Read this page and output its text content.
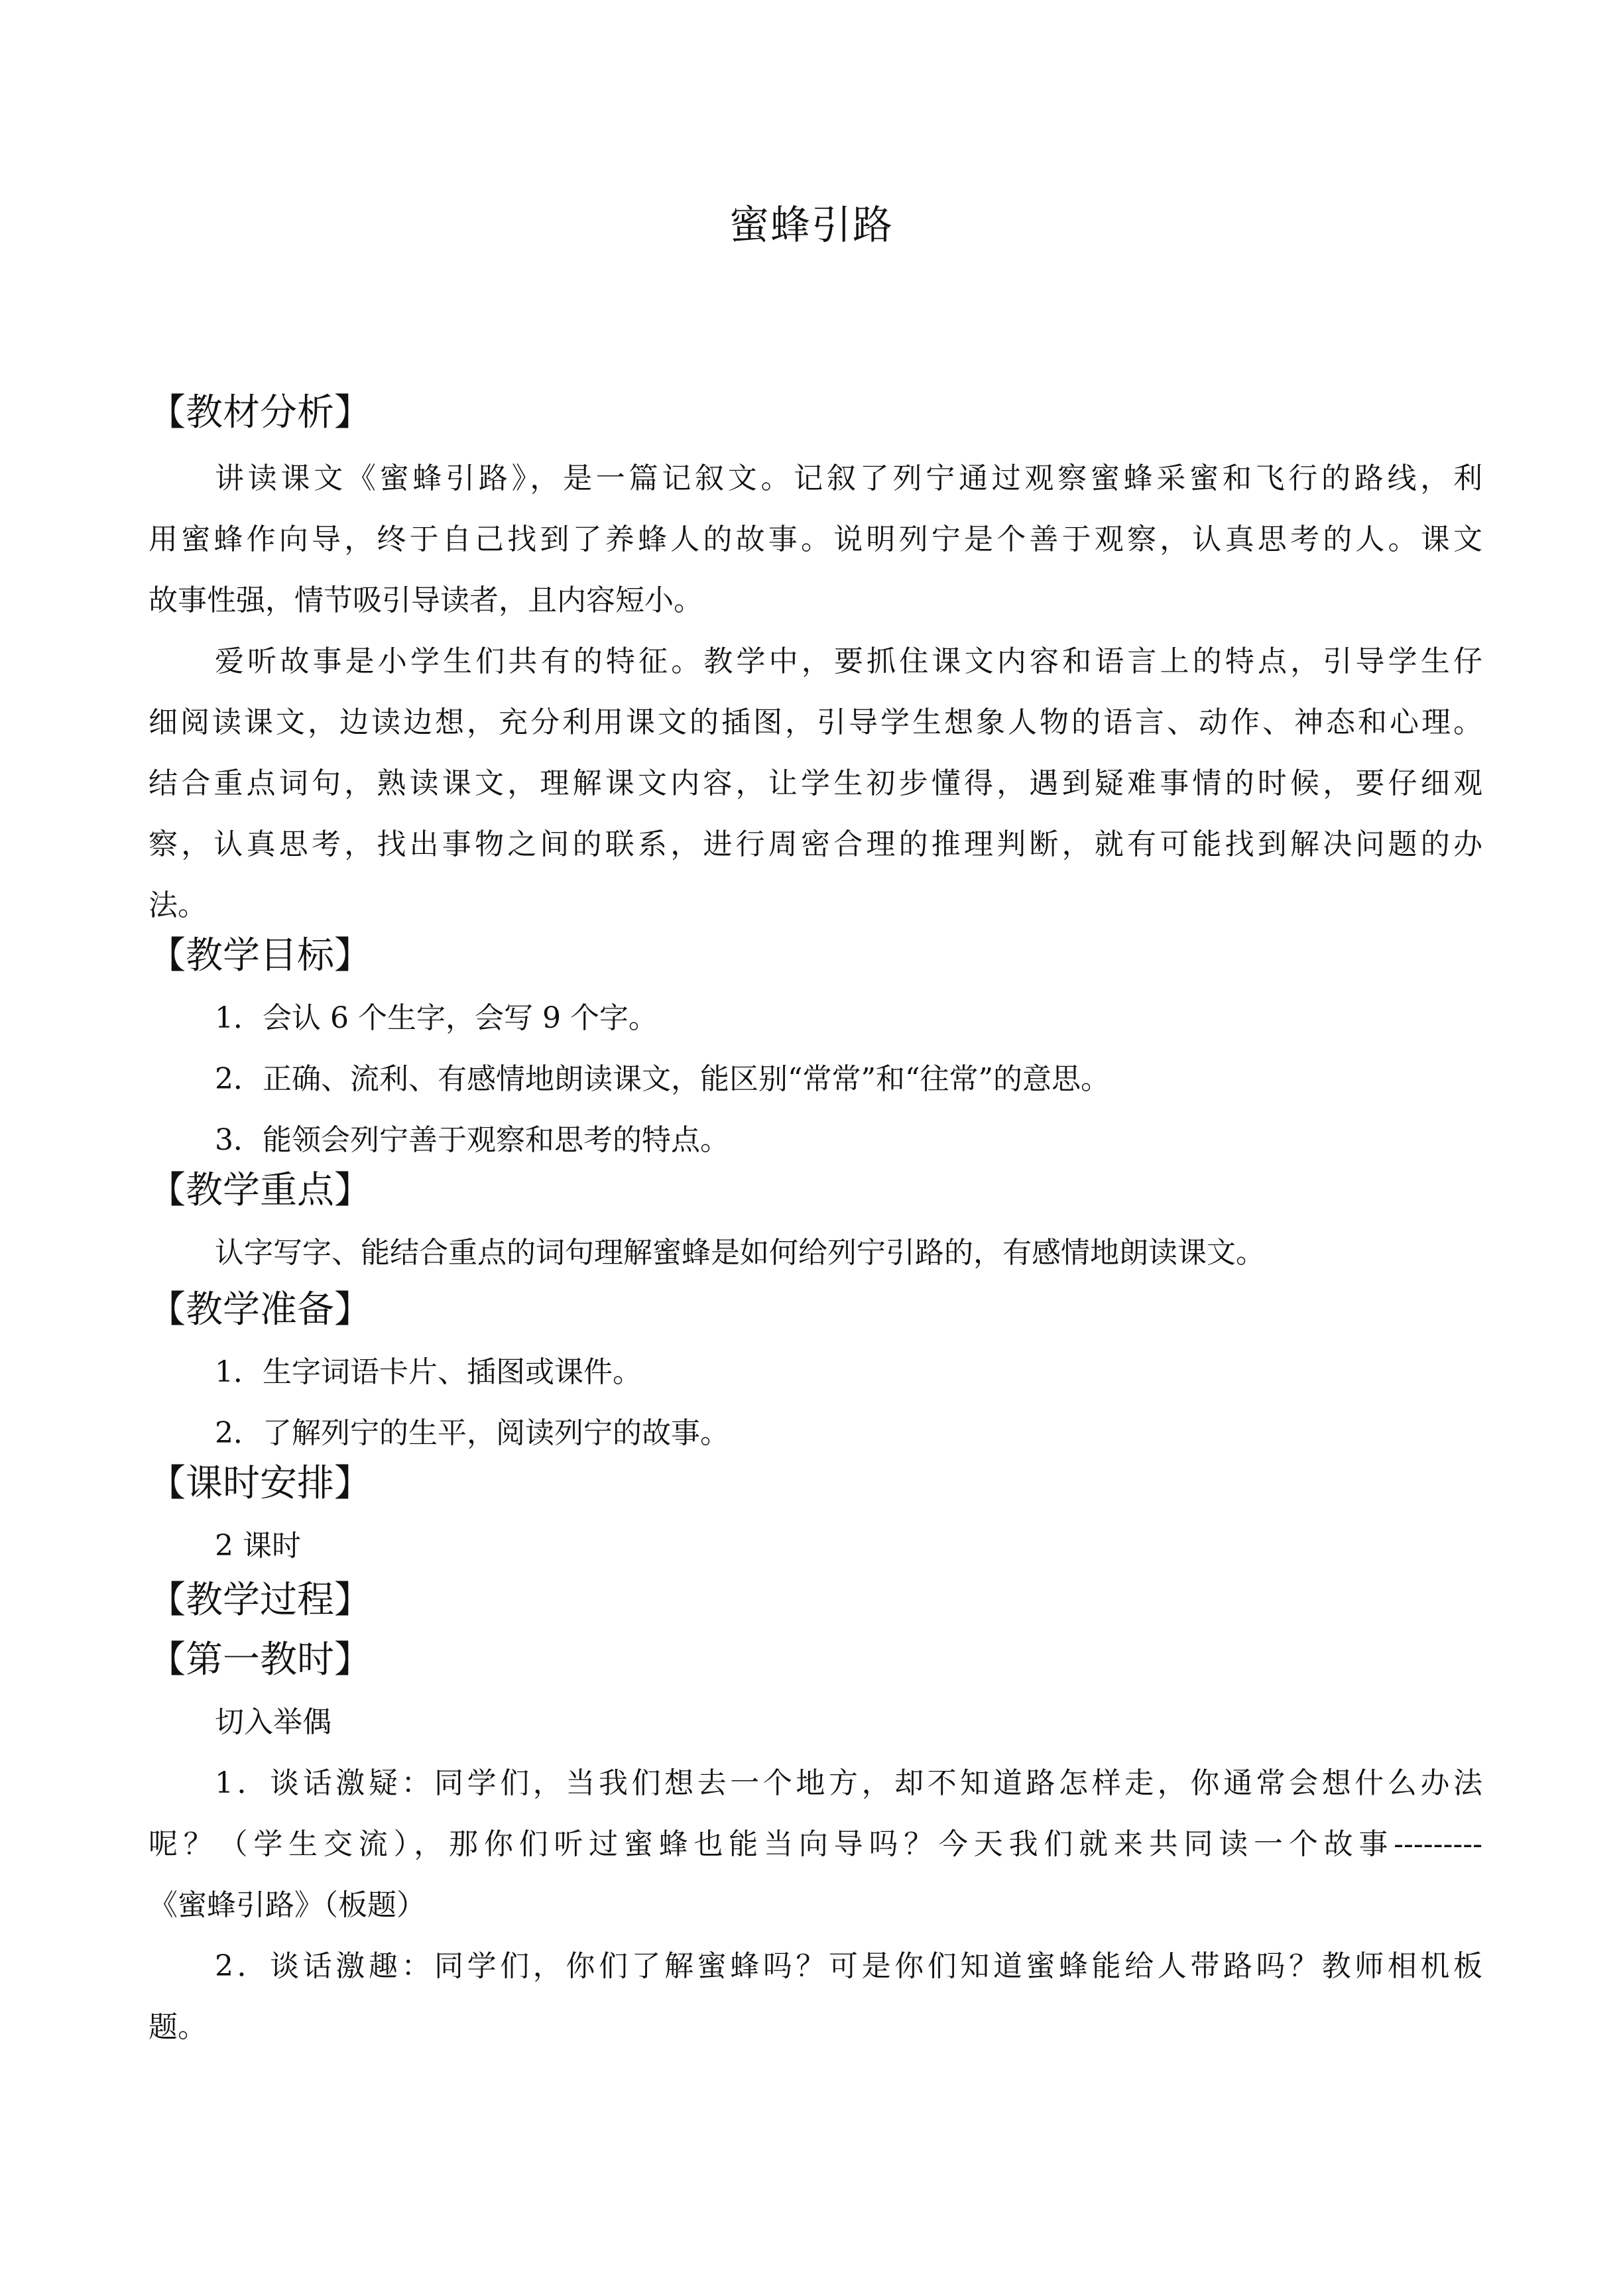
蜜蜂引路
【教材分析】
讲读课文《蜜蜂引路》，是一篇记叙文。记叙了列宁通过观察蜜蜂采蜜和飞行的路线，利
用蜜蜂作向导，终于自己找到了养蜂人的故事。说明列宁是个善于观察，认真思考的人。课文
故事性强，情节吸引导读者，且内容短小。
爱听故事是小学生们共有的特征。教学中，要抓住课文内容和语言上的特点，引导学生仔
细阅读课文，边读边想，充分利用课文的插图，引导学生想象人物的语言、动作、神态和心理。
结合重点词句，熟读课文，理解课文内容，让学生初步懂得，遇到疑难事情的时候，要仔细观
察，认真思考，找出事物之间的联系，进行周密合理的推理判断，就有可能找到解决问题的办
法。
【教学目标】
1．会认 6 个生字，会写 9 个字。
2．正确、流利、有感情地朗读课文，能区别“常常”和“往常”的意思。
3．能领会列宁善于观察和思考的特点。
【教学重点】
认字写字、能结合重点的词句理解蜜蜂是如何给列宁引路的，有感情地朗读课文。
【教学准备】
1．生字词语卡片、插图或课件。
2．了解列宁的生平，阅读列宁的故事。
【课时安排】
2 课时
【教学过程】
【第一教时】
切入举偶
1．谈话激疑：同学们，当我们想去一个地方，却不知道路怎样走，你通常会想什么办法
呢？（学生交流），那你们听过蜜蜂也能当向导吗？今天我们就来共同读一个故事---------
《蜜蜂引路》（板题）
2．谈话激趣：同学们，你们了解蜜蜂吗？可是你们知道蜜蜂能给人带路吗？教师相机板
题。
